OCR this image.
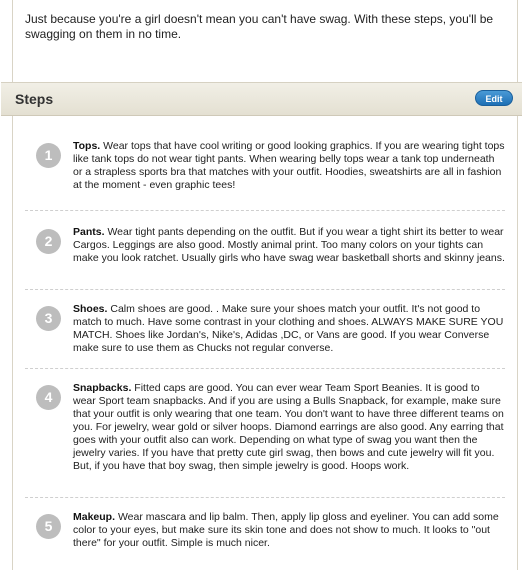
Just because you're a girl doesn't mean you can't have swag. With these steps, you'll be swagging on them in no time.
Steps	Edit
1
Tops. Wear tops that have cool writing or good looking graphics. If you are wearing tight tops like tank tops do not wear tight pants. When wearing belly tops wear a tank top underneath or a strapless sports bra that matches with your outfit. Hoodies, sweatshirts are all in fashion at the moment - even graphic tees!
2
Pants. Wear tight pants depending on the outfit. But if you wear a tight shirt its better to wear Cargos. Leggings are also good. Mostly animal print. Too many colors on your tights can make you look ratchet. Usually girls who have swag wear basketball shorts and skinny jeans.
3
Shoes. Calm shoes are good. . Make sure your shoes match your outfit. It's not good to match to much. Have some contrast in your clothing and shoes. ALWAYS MAKE SURE YOU MATCH. Shoes like Jordan's, Nike's, Adidas ,DC, or Vans are good. If you wear Converse make sure to use them as Chucks not regular converse.
4
Snapbacks. Fitted caps are good. You can ever wear Team Sport Beanies. It is good to wear Sport team snapbacks. And if you are using a Bulls Snapback, for example, make sure that your outfit is only wearing that one team. You don't want to have three different teams on you. For jewelry, wear gold or silver hoops. Diamond earrings are also good. Any earring that goes with your outfit also can work. Depending on what type of swag you want then the jewelry varies. If you have that pretty cute girl swag, then bows and cute jewelry will fit you. But, if you have that boy swag, then simple jewelry is good. Hoops work.
5
Makeup. Wear mascara and lip balm. Then, apply lip gloss and eyeliner. You can add some color to your eyes, but make sure its skin tone and does not show to much. It looks to "out there" for your outfit. Simple is much nicer.
